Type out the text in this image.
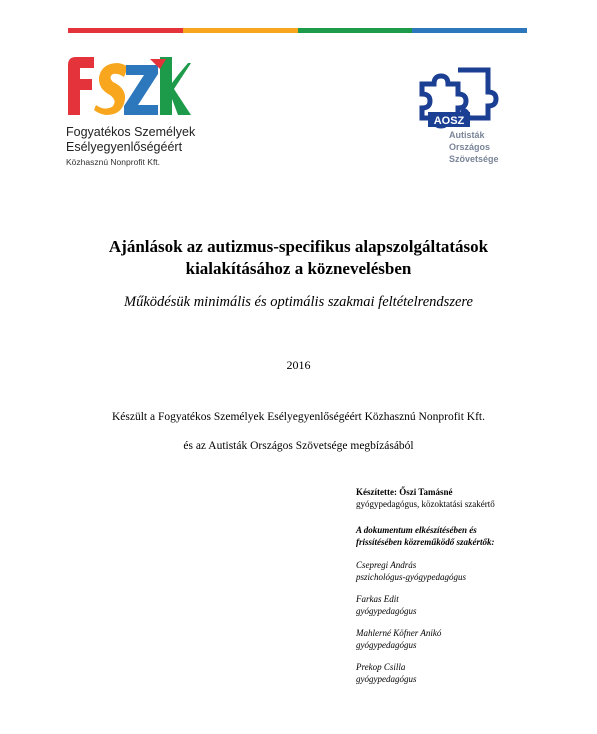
Fogyatékos Személyek
Esélyegyenlőségéért
Közhasznú Nonprofit Kft.
AOSZ
Autisták
Országos
Szövetsége
Ajánlások az autizmus-specifikus alapszolgáltatások
kialakításához a köznevelésben
Működésük minimális és optimális szakmai feltételrendszere
2016
Készült a Fogyatékos Személyek Esélyegyenlőségéért Közhasznú Nonprofit Kft.
és az Autisták Országos Szövetsége megbízásából
Készítette: Őszi Tamásné
gyógypedagógus, közoktatási szakértő
A dokumentum elkészítésében és
frissítésében közreműködő szakértők:
Csepregi András
pszichológus-gyógypedagógus
Farkas Edit
gyógypedagógus
Mahlerné Köfner Anikó
gyógypedagógus
Prekop Csilla
gyógypedagógus
